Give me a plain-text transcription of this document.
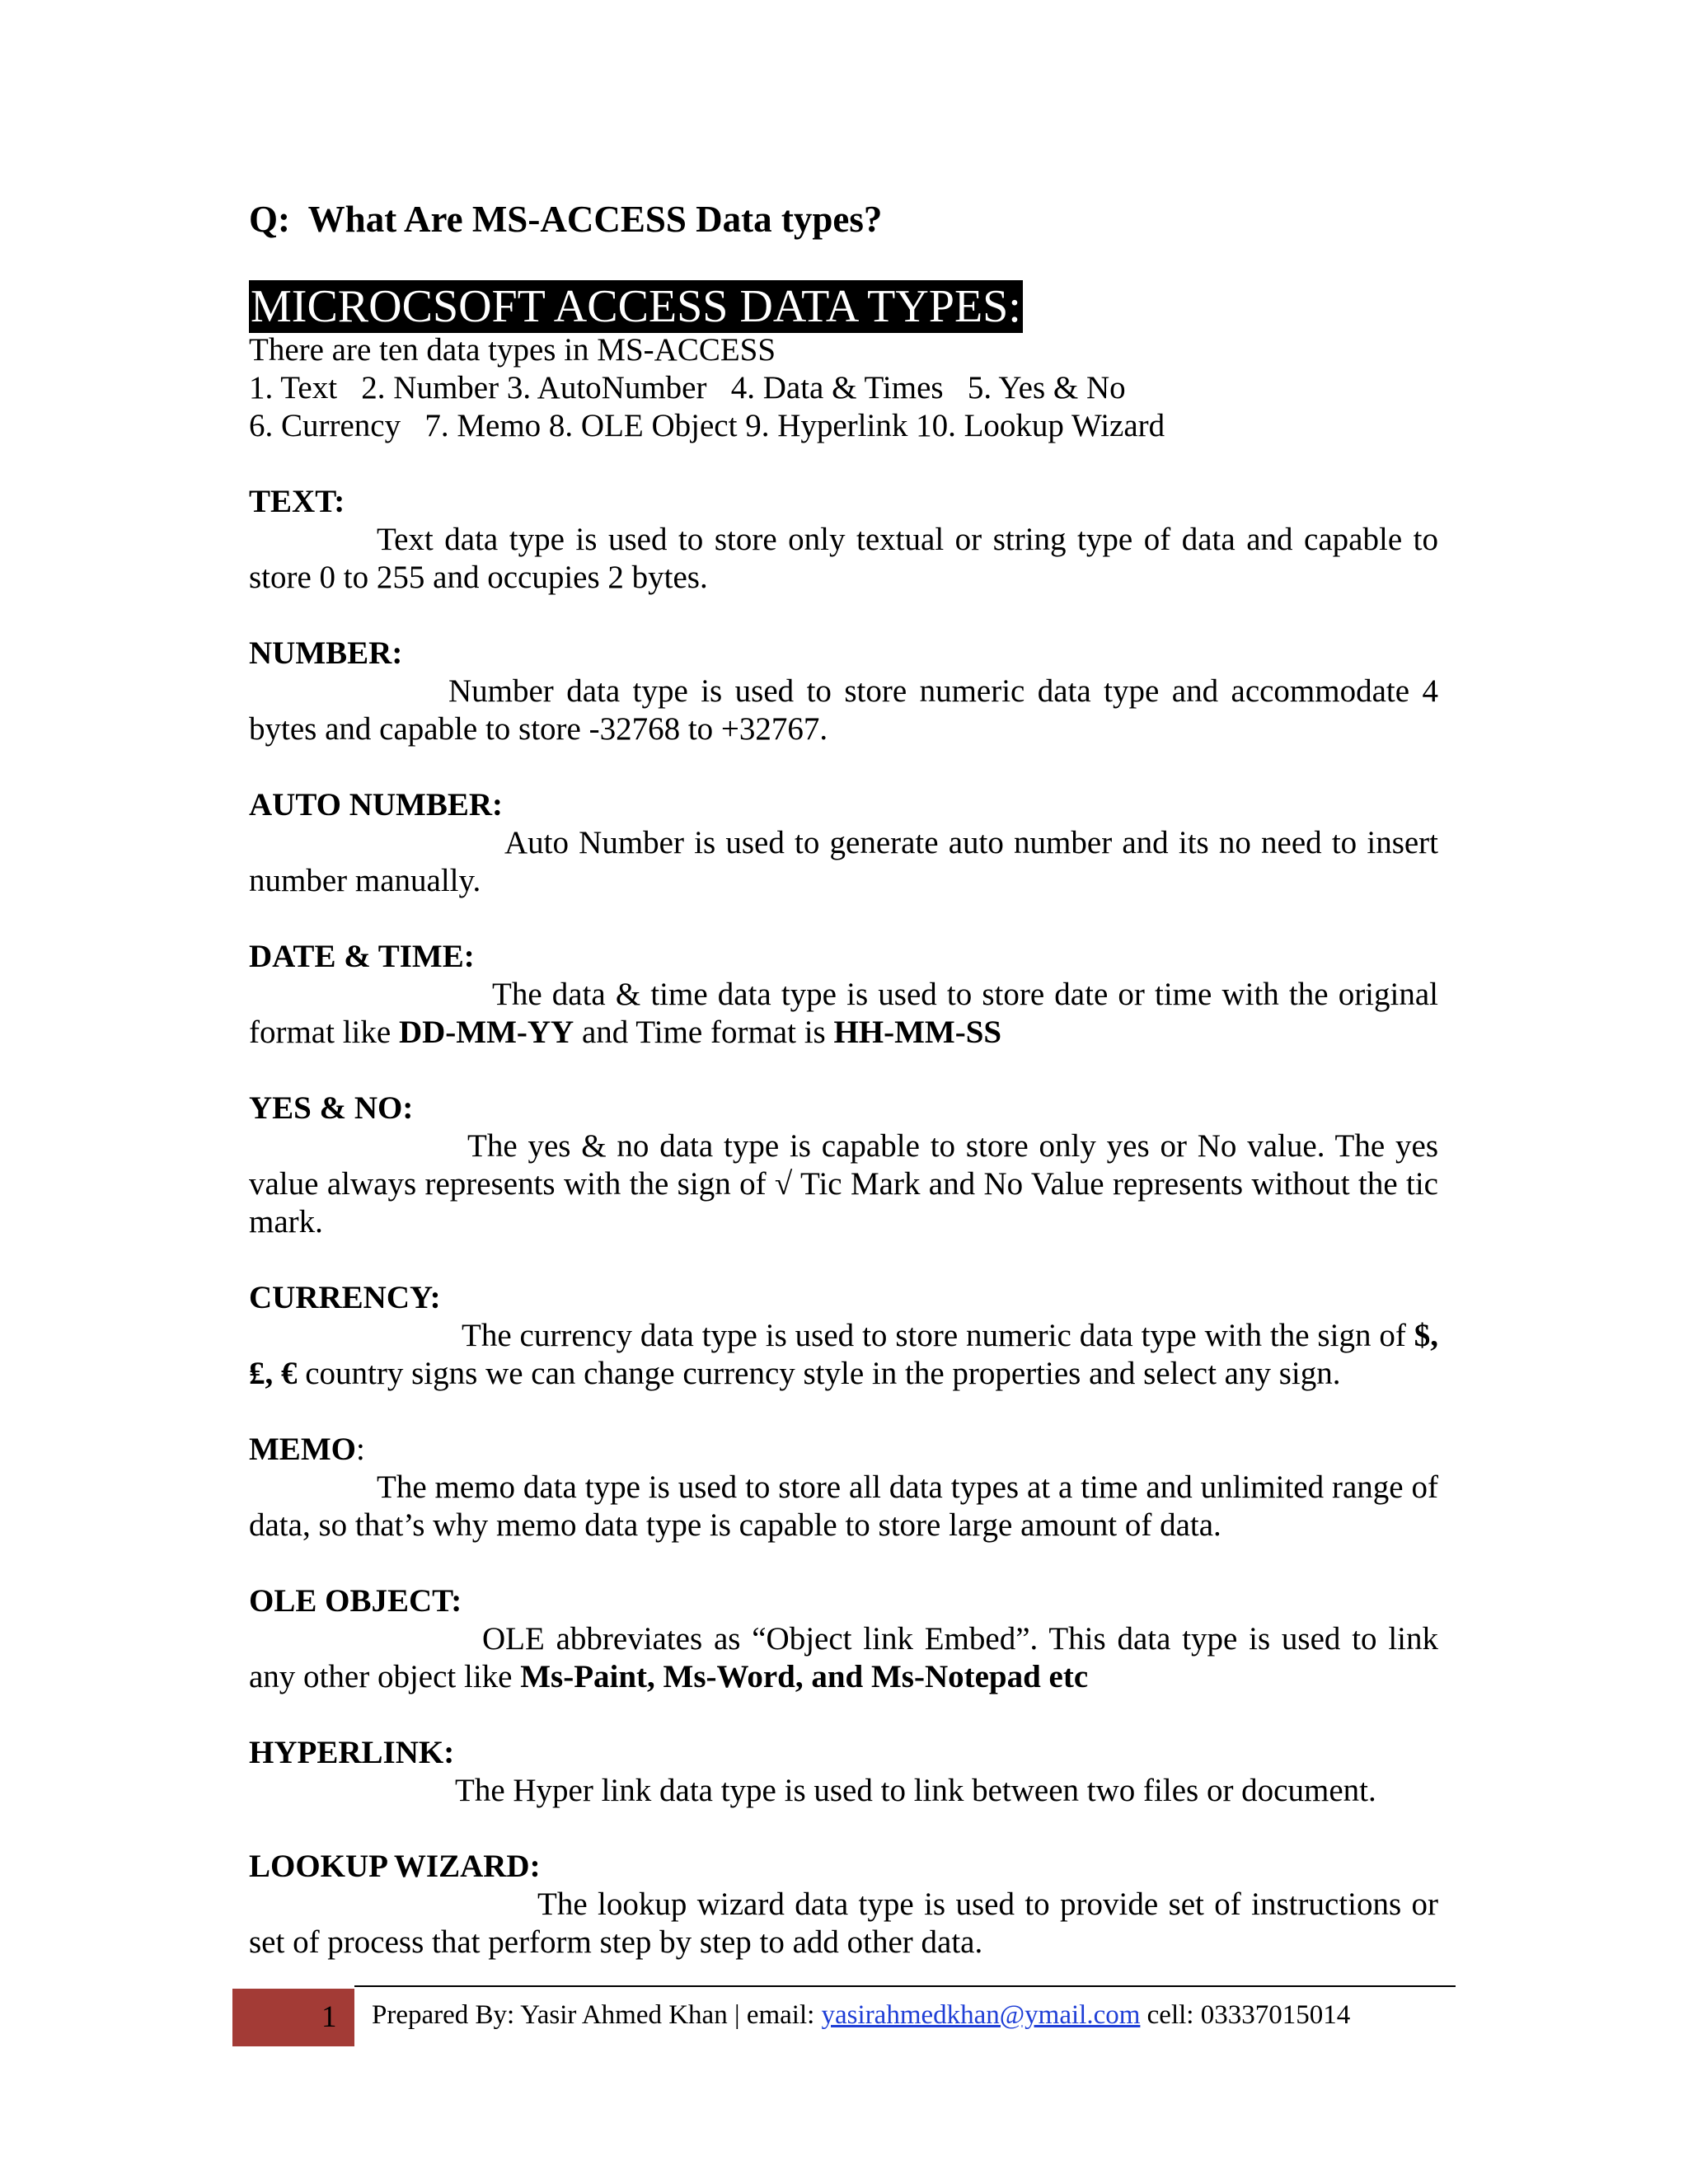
Q:  What Are MS-ACCESS Data types?
MICROCSOFT ACCESS DATA TYPES:
There are ten data types in MS-ACCESS
1. Text   2. Number 3. AutoNumber   4. Data & Times   5. Yes & No
6. Currency   7. Memo 8. OLE Object 9. Hyperlink 10. Lookup Wizard

TEXT:

Text data type is used to store only textual or string type of data and capable to store 0 to 255 and occupies 2 bytes.

NUMBER:

Number data type is used to store numeric data type and accommodate 4 bytes and capable to store -32768 to +32767.

AUTO NUMBER:

Auto Number is used to generate auto number and its no need to insert number manually.

DATE & TIME:

The data & time data type is used to store date or time with the original format like DD-MM-YY and Time format is HH-MM-SS

YES & NO:

The yes & no data type is capable to store only yes or No value. The yes value always represents with the sign of √ Tic Mark and No Value represents without the tic mark.

CURRENCY:

The currency data type is used to store numeric data type with the sign of $, ₤, € country signs we can change currency style in the properties and select any sign.

MEMO:

The memo data type is used to store all data types at a time and unlimited range of data, so that’s why memo data type is capable to store large amount of data.

OLE OBJECT:

OLE abbreviates as “Object link Embed”. This data type is used to link any other object like Ms-Paint, Ms-Word, and Ms-Notepad etc

HYPERLINK:

The Hyper link data type is used to link between two files or document.

LOOKUP WIZARD:

The lookup wizard data type is used to provide set of instructions or set of process that perform step by step to add other data.

1 Prepared By: Yasir Ahmed Khan | email: yasirahmedkhan@ymail.com cell: 03337015014
